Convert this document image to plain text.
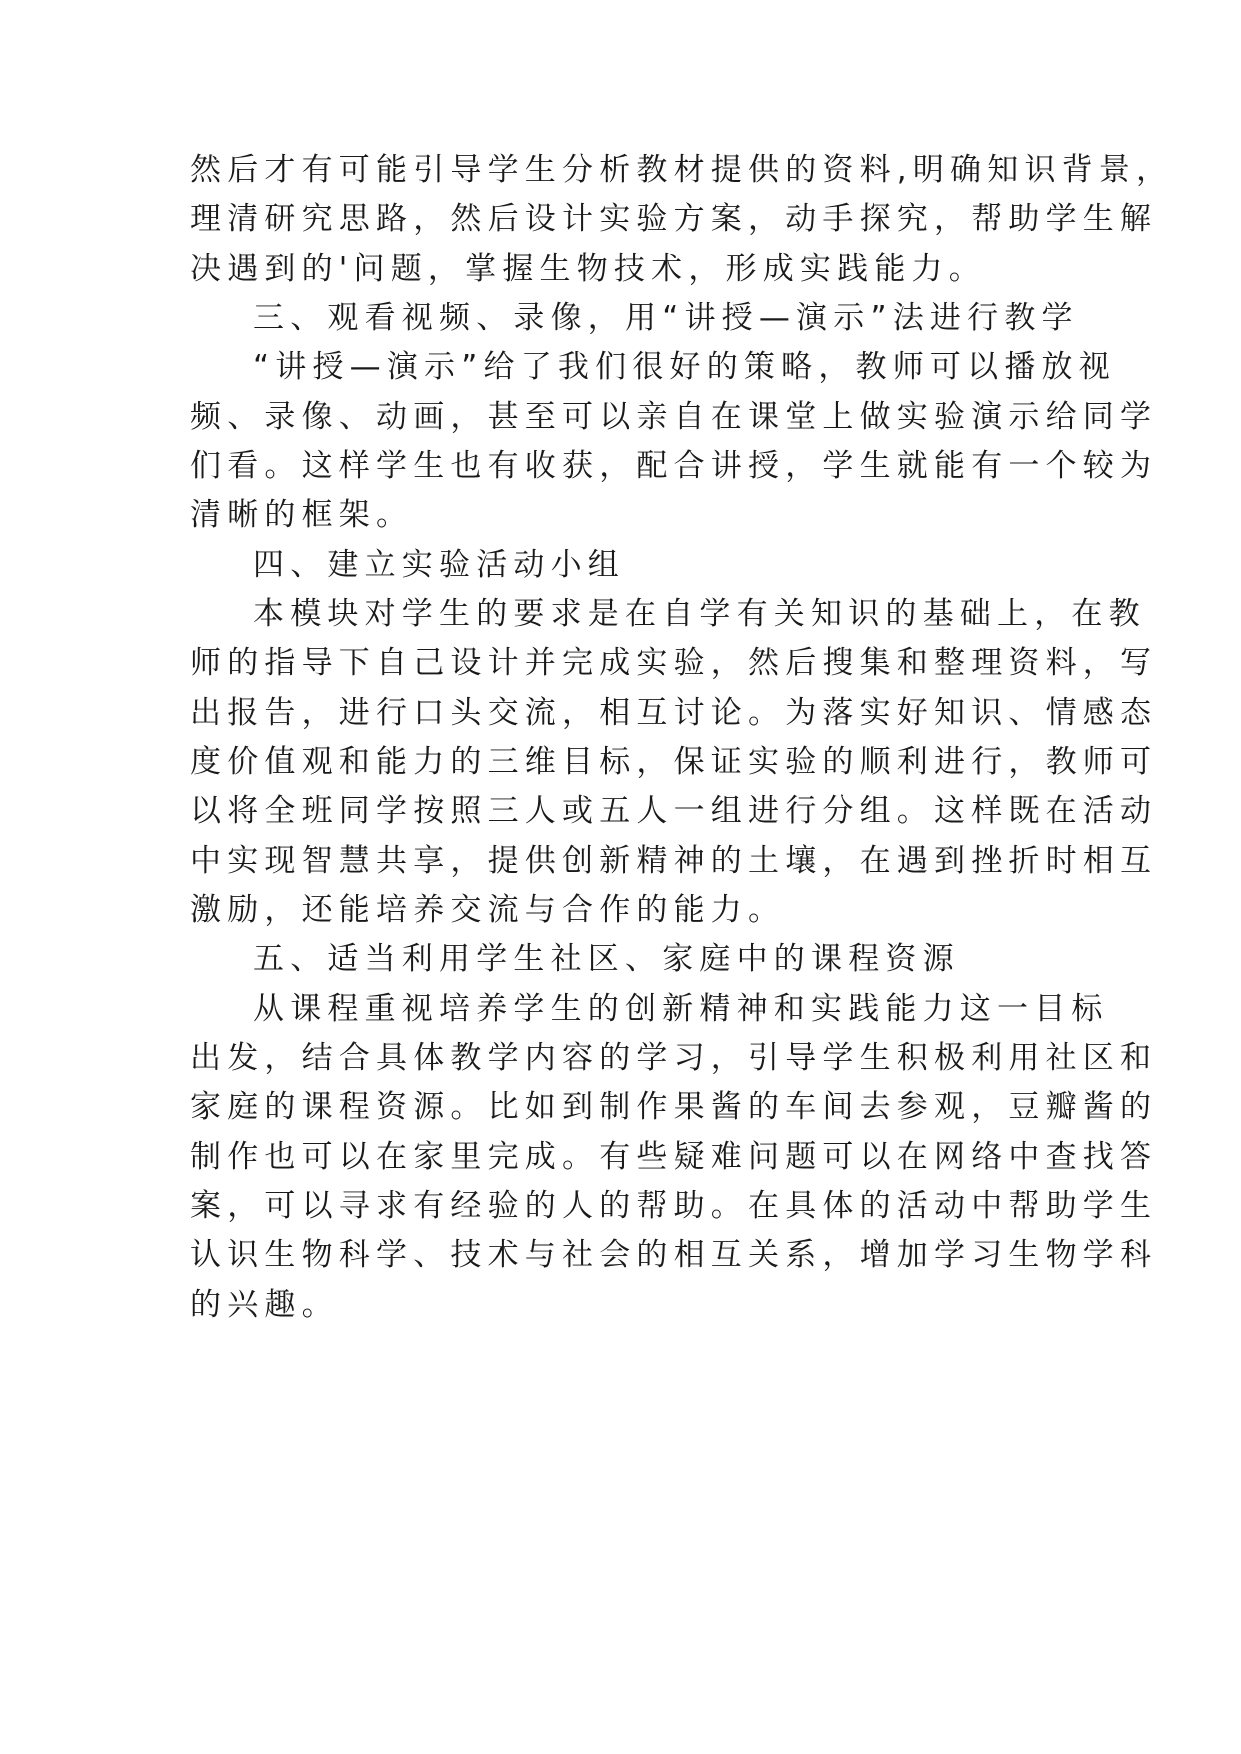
然后才有可能引导学生分析教材提供的资料,明确知识背景，
理清研究思路，然后设计实验方案，动手探究，帮助学生解
决遇到的'问题，掌握生物技术，形成实践能力。
三、观看视频、录像，用“讲授—演示”法进行教学
“讲授—演示”给了我们很好的策略，教师可以播放视
频、录像、动画，甚至可以亲自在课堂上做实验演示给同学
们看。这样学生也有收获，配合讲授，学生就能有一个较为
清晰的框架。
四、建立实验活动小组
本模块对学生的要求是在自学有关知识的基础上，在教
师的指导下自己设计并完成实验，然后搜集和整理资料，写
出报告，进行口头交流，相互讨论。为落实好知识、情感态
度价值观和能力的三维目标，保证实验的顺利进行，教师可
以将全班同学按照三人或五人一组进行分组。这样既在活动
中实现智慧共享，提供创新精神的土壤，在遇到挫折时相互
激励，还能培养交流与合作的能力。
五、适当利用学生社区、家庭中的课程资源
从课程重视培养学生的创新精神和实践能力这一目标
出发，结合具体教学内容的学习，引导学生积极利用社区和
家庭的课程资源。比如到制作果酱的车间去参观，豆瓣酱的
制作也可以在家里完成。有些疑难问题可以在网络中查找答
案，可以寻求有经验的人的帮助。在具体的活动中帮助学生
认识生物科学、技术与社会的相互关系，增加学习生物学科
的兴趣。
